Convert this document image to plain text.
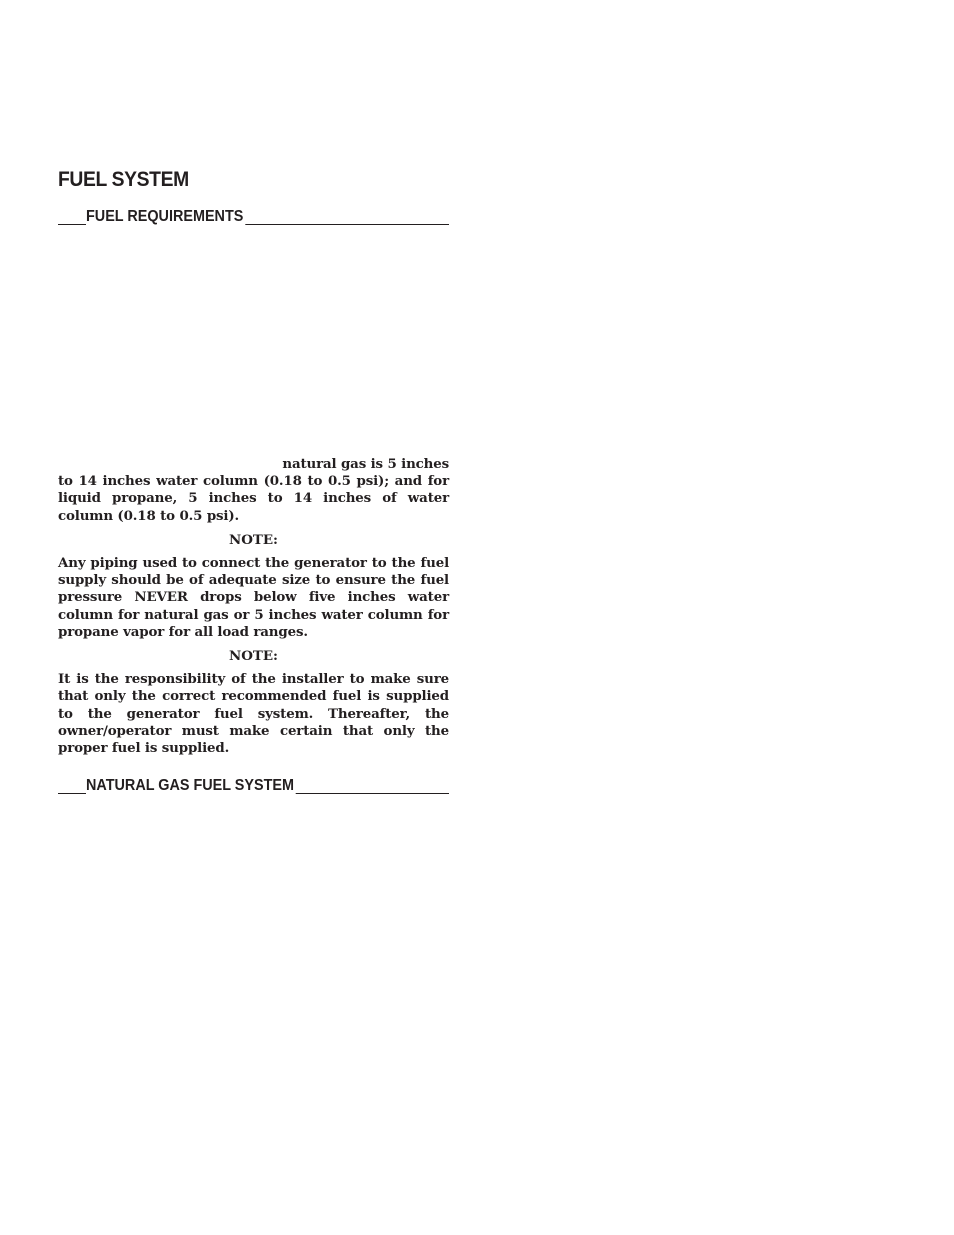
FUEL SYSTEM
FUEL REQUIREMENTS

natural gas is 5 inches
to 14 inches water column (0.18 to 0.5 psi); and for liquid propane, 5 inches to 14 inches of water column (0.18 to 0.5 psi).

NOTE:

Any piping used to connect the generator to the fuel supply should be of adequate size to ensure the fuel pressure NEVER drops below five inches water column for natural gas or 5 inches water column for propane vapor for all load ranges.

NOTE:

It is the responsibility of the installer to make sure that only the correct recommended fuel is supplied to the generator fuel system. Thereafter, the owner/operator must make certain that only the proper fuel is supplied.

NATURAL GAS FUEL SYSTEM
